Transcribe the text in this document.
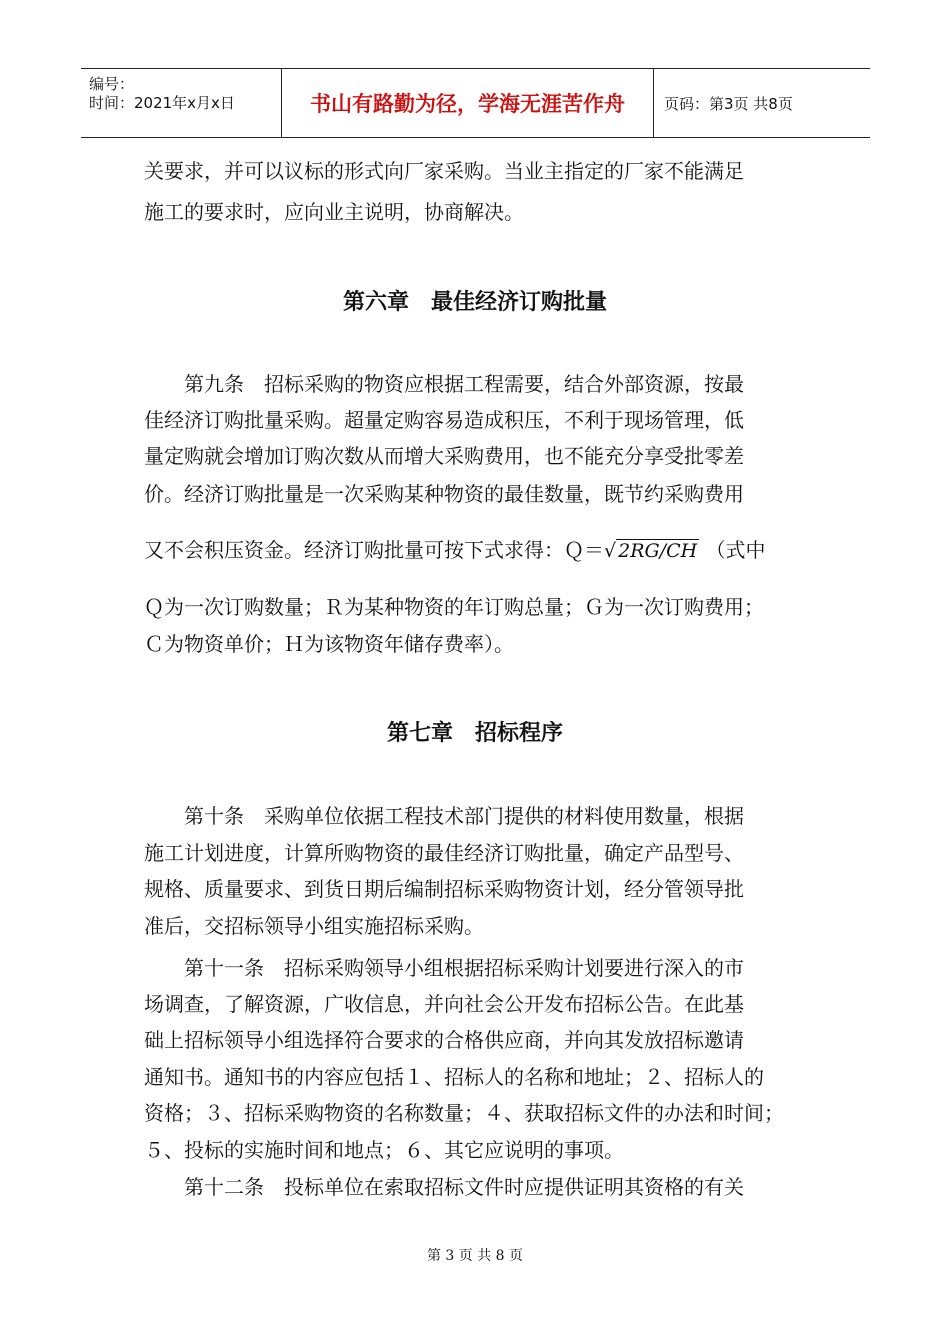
编号：
时间：2021年x月x日	书山有路勤为径，学海无涯苦作舟	页码：第3页 共8页
关要求，并可以议标的形式向厂家采购。当业主指定的厂家不能满足
施工的要求时，应向业主说明，协商解决。
第六章　最佳经济订购批量
　　第九条　招标采购的物资应根据工程需要，结合外部资源，按最
佳经济订购批量采购。超量定购容易造成积压，不利于现场管理，低
量定购就会增加订购次数从而增大采购费用，也不能充分享受批零差
价。经济订购批量是一次采购某种物资的最佳数量，既节约采购费用
又不会积压资金。经济订购批量可按下式求得：Ｑ＝√ 2RG/CH （式中
Ｑ为一次订购数量；Ｒ为某种物资的年订购总量；Ｇ为一次订购费用；
Ｃ为物资单价；Ｈ为该物资年储存费率）。
第七章　招标程序
　　第十条　采购单位依据工程技术部门提供的材料使用数量，根据
施工计划进度，计算所购物资的最佳经济订购批量，确定产品型号、
规格、质量要求、到货日期后编制招标采购物资计划，经分管领导批
准后，交招标领导小组实施招标采购。
　　第十一条　招标采购领导小组根据招标采购计划要进行深入的市
场调查，了解资源，广收信息，并向社会公开发布招标公告。在此基
础上招标领导小组选择符合要求的合格供应商，并向其发放招标邀请
通知书。通知书的内容应包括１、招标人的名称和地址；２、招标人的
资格；３、招标采购物资的名称数量；４、获取招标文件的办法和时间；
５、投标的实施时间和地点；６、其它应说明的事项。
　　第十二条　投标单位在索取招标文件时应提供证明其资格的有关
第 3 页 共 8 页
